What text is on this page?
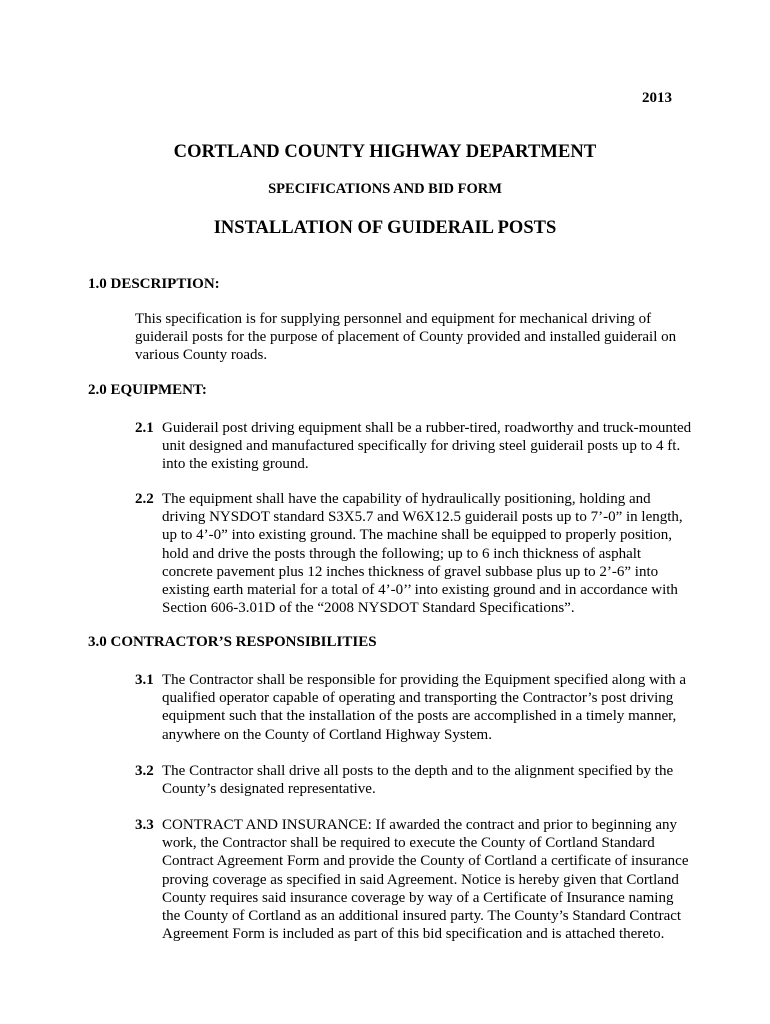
2013
CORTLAND COUNTY HIGHWAY DEPARTMENT
SPECIFICATIONS AND BID FORM
INSTALLATION OF GUIDERAIL POSTS
1.0 DESCRIPTION:
This specification is for supplying personnel and equipment for mechanical driving of guiderail posts for the purpose of placement of County provided and installed guiderail on various County roads.
2.0 EQUIPMENT:
2.1 Guiderail post driving equipment shall be a rubber-tired, roadworthy and truck-mounted unit designed and manufactured specifically for driving steel guiderail posts up to 4 ft. into the existing ground.
2.2 The equipment shall have the capability of hydraulically positioning, holding and driving NYSDOT standard S3X5.7 and W6X12.5 guiderail posts up to 7’-0” in length, up to 4’-0” into existing ground. The machine shall be equipped to properly position, hold and drive the posts through the following; up to 6 inch thickness of asphalt concrete pavement plus 12 inches thickness of gravel subbase plus up to 2’-6” into existing earth material for a total of 4’-0’’ into existing ground and in accordance with Section 606-3.01D of the “2008 NYSDOT Standard Specifications”.
3.0 CONTRACTOR’S RESPONSIBILITIES
3.1 The Contractor shall be responsible for providing the Equipment specified along with a qualified operator capable of operating and transporting the Contractor’s post driving equipment such that the installation of the posts are accomplished in a timely manner, anywhere on the County of Cortland Highway System.
3.2 The Contractor shall drive all posts to the depth and to the alignment specified by the County’s designated representative.
3.3 CONTRACT AND INSURANCE: If awarded the contract and prior to beginning any work, the Contractor shall be required to execute the County of Cortland Standard Contract Agreement Form and provide the County of Cortland a certificate of insurance proving coverage as specified in said Agreement. Notice is hereby given that Cortland County requires said insurance coverage by way of a Certificate of Insurance naming the County of Cortland as an additional insured party. The County’s Standard Contract Agreement Form is included as part of this bid specification and is attached thereto.
